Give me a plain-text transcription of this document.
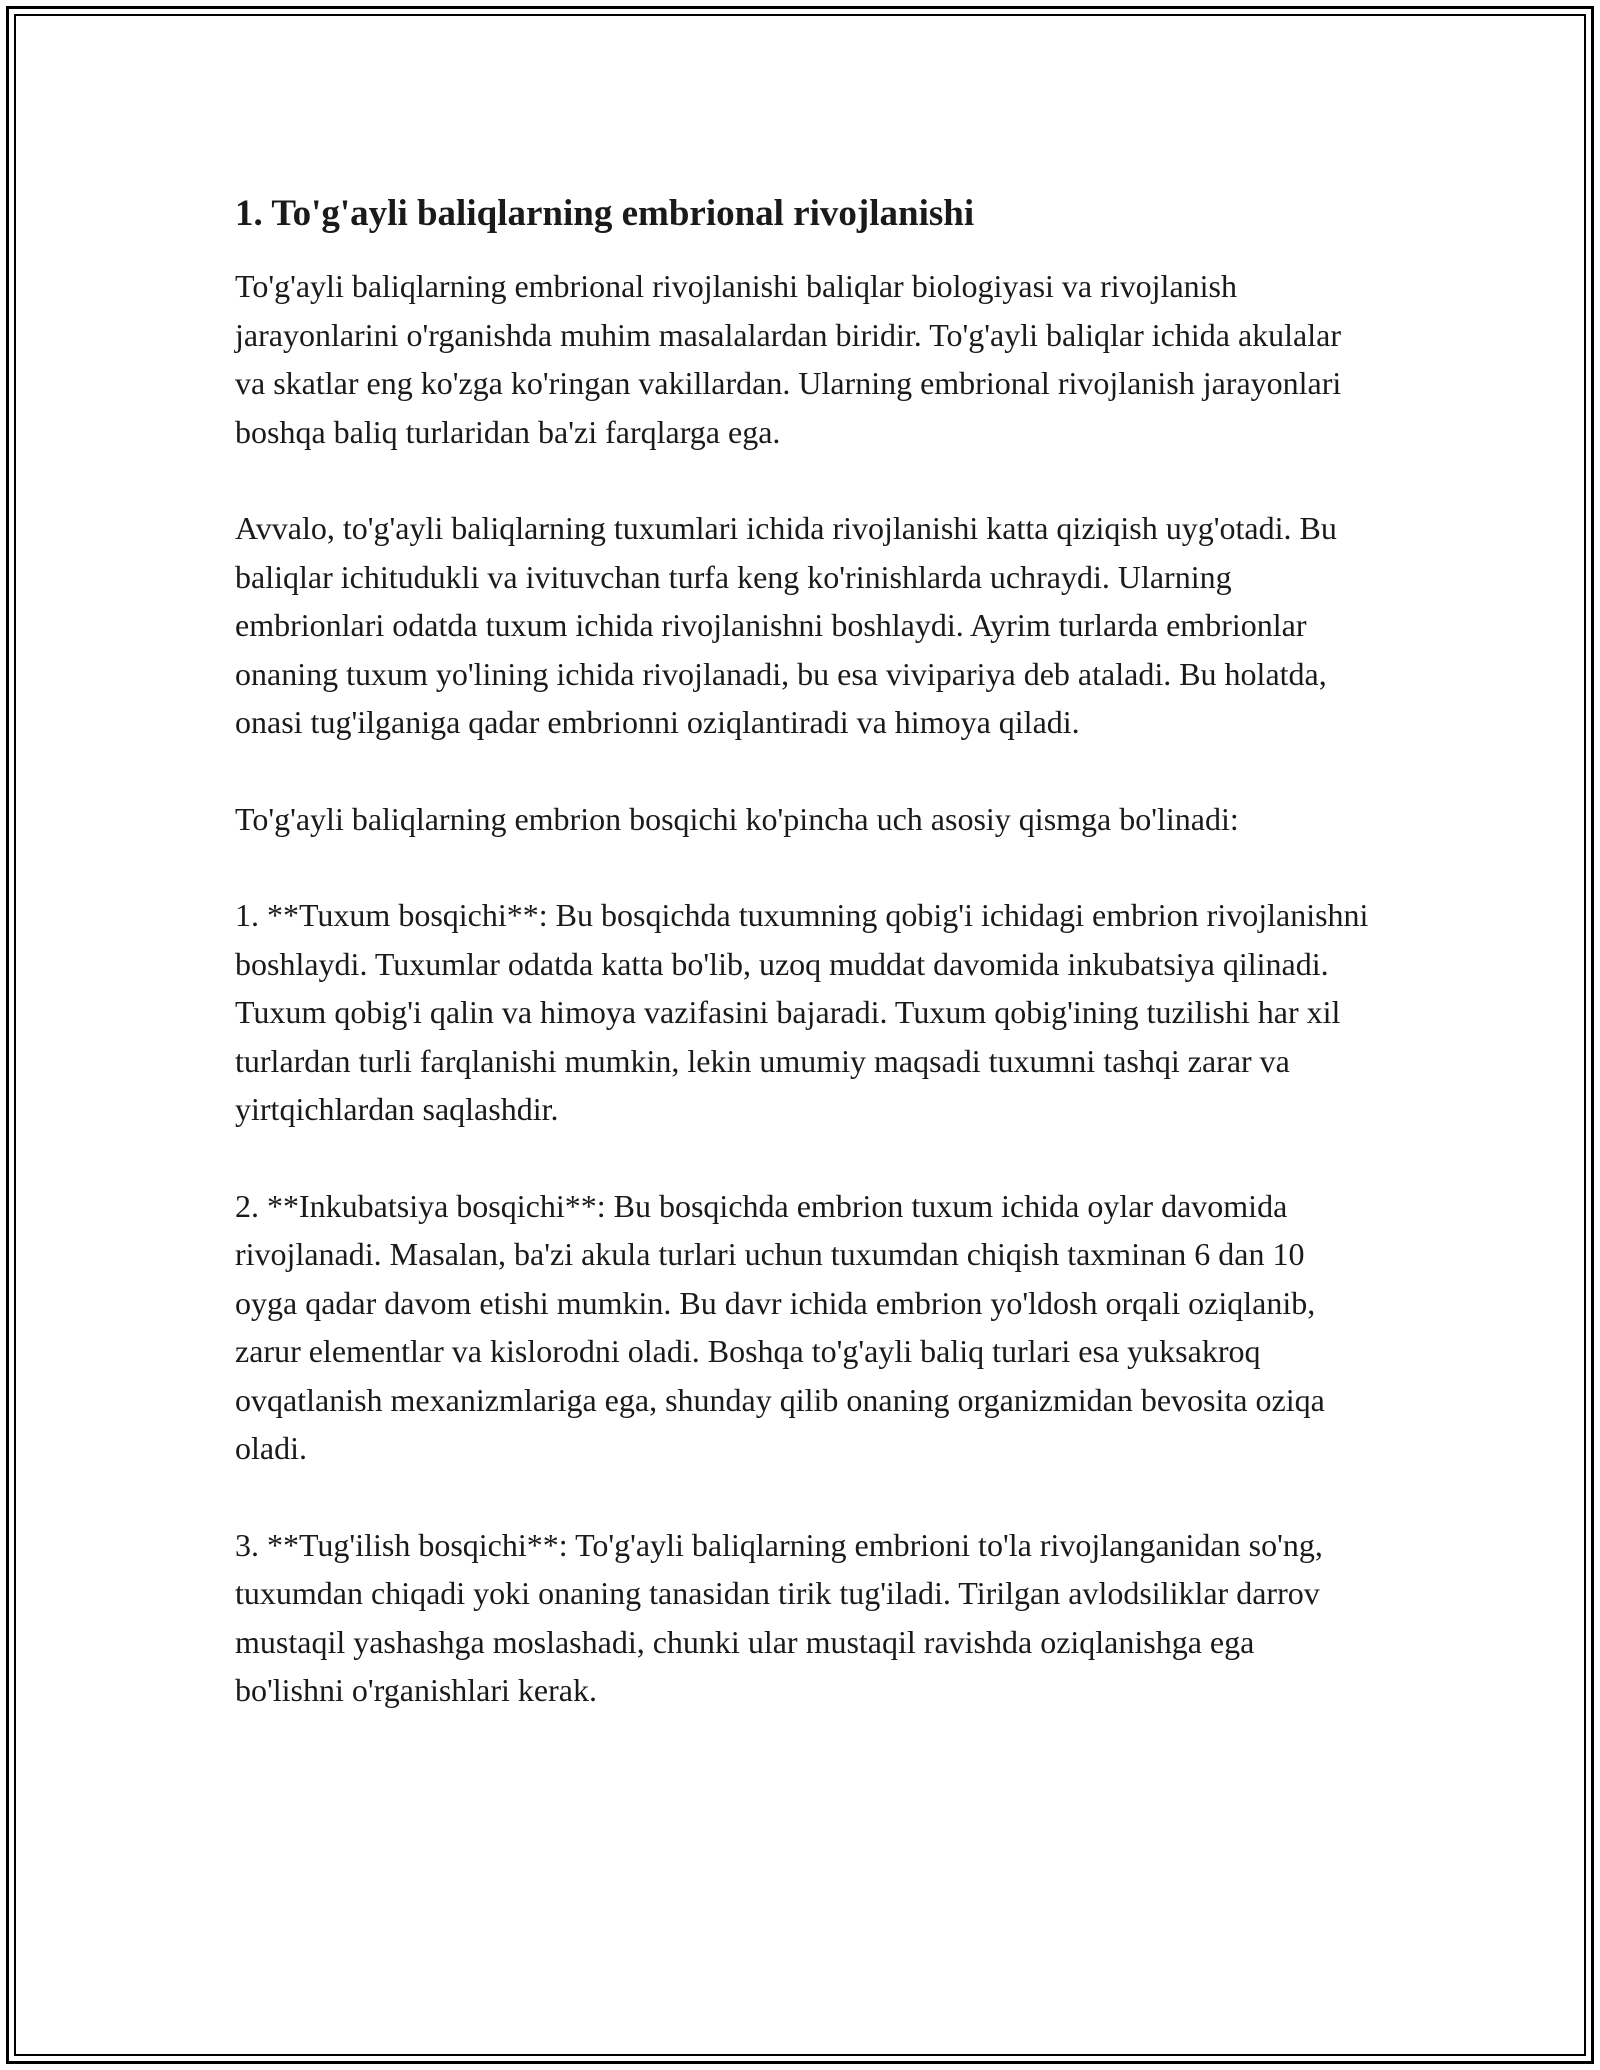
1. To'g'ayli baliqlarning embrional rivojlanishi

To'g'ayli baliqlarning embrional rivojlanishi baliqlar biologiyasi va rivojlanish jarayonlarini o'rganishda muhim masalalardan biridir. To'g'ayli baliqlar ichida akulalar va skatlar eng ko'zga ko'ringan vakillardan. Ularning embrional rivojlanish jarayonlari boshqa baliq turlaridan ba'zi farqlarga ega.

Avvalo, to'g'ayli baliqlarning tuxumlari ichida rivojlanishi katta qiziqish uyg'otadi. Bu baliqlar ichitudukli va ivituvchan turfa keng ko'rinishlarda uchraydi. Ularning embrionlari odatda tuxum ichida rivojlanishni boshlaydi. Ayrim turlarda embrionlar onaning tuxum yo'lining ichida rivojlanadi, bu esa vivipariya deb ataladi. Bu holatda, onasi tug'ilganiga qadar embrionni oziqlantiradi va himoya qiladi.

To'g'ayli baliqlarning embrion bosqichi ko'pincha uch asosiy qismga bo'linadi:

1. **Tuxum bosqichi**: Bu bosqichda tuxumning qobig'i ichidagi embrion rivojlanishni boshlaydi. Tuxumlar odatda katta bo'lib, uzoq muddat davomida inkubatsiya qilinadi. Tuxum qobig'i qalin va himoya vazifasini bajaradi. Tuxum qobig'ining tuzilishi har xil turlardan turli farqlanishi mumkin, lekin umumiy maqsadi tuxumni tashqi zarar va yirtqichlardan saqlashdir.

2. **Inkubatsiya bosqichi**: Bu bosqichda embrion tuxum ichida oylar davomida rivojlanadi. Masalan, ba'zi akula turlari uchun tuxumdan chiqish taxminan 6 dan 10 oyga qadar davom etishi mumkin. Bu davr ichida embrion yo'ldosh orqali oziqlanib, zarur elementlar va kislorodni oladi. Boshqa to'g'ayli baliq turlari esa yuksakroq ovqatlanish mexanizmlariga ega, shunday qilib onaning organizmidan bevosita oziqa oladi.

3. **Tug'ilish bosqichi**: To'g'ayli baliqlarning embrioni to'la rivojlanganidan so'ng, tuxumdan chiqadi yoki onaning tanasidan tirik tug'iladi. Tirilgan avlodsiliklar darrov mustaqil yashashga moslashadi, chunki ular mustaqil ravishda oziqlanishga ega bo'lishni o'rganishlari kerak.
